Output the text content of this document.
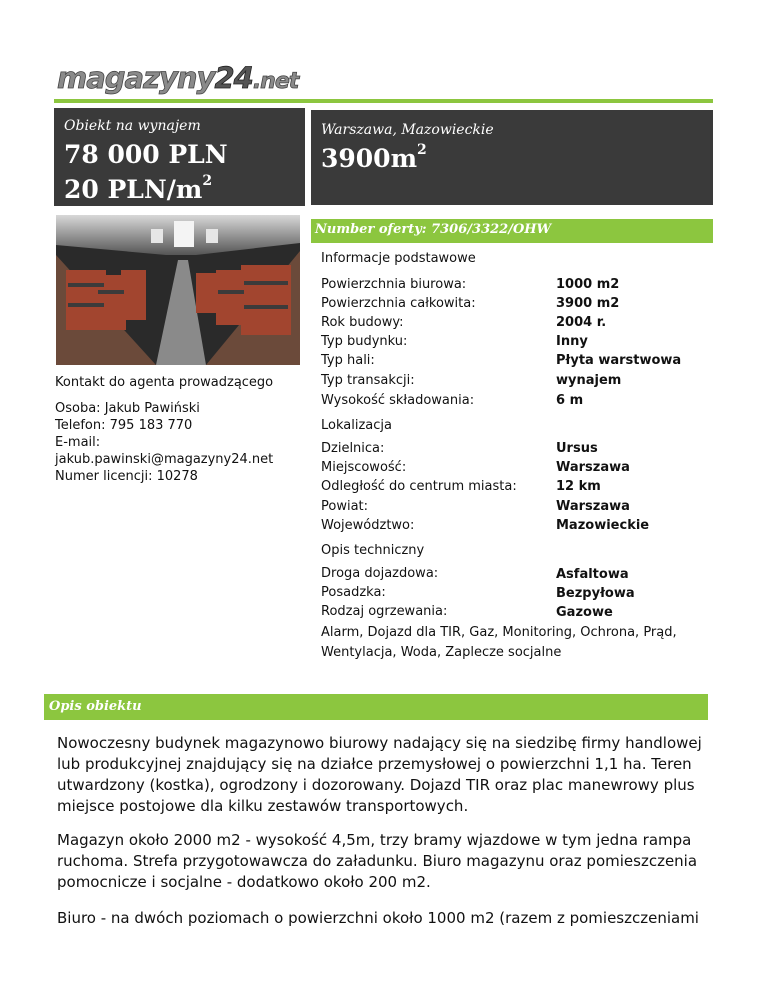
magazyny24.net
Obiekt na wynajem
78 000 PLN
20 PLN/$m^2$
Warszawa, Mazowieckie
$3900m^2$
Number oferty: 7306/3322/OHW
Kontakt do agenta prowadzącego
Osoba: Jakub Pawiński
Telefon: 795 183 770
E-mail:
jakub.pawinski@magazyny24.net
Numer licencji: 10278
Informacje podstawowe
Powierzchnia biurowa:	1000 m2
Powierzchnia całkowita:	3900 m2
Rok budowy:	2004 r.
Typ budynku:	Inny
Typ hali:	Płyta warstwowa
Typ transakcji:	wynajem
Wysokość składowania:	6 m
Lokalizacja
Dzielnica:	Ursus
Miejscowość:	Warszawa
Odległość do centrum miasta:	12 km
Powiat:	Warszawa
Województwo:	Mazowieckie
Opis techniczny
Droga dojazdowa:	Asfaltowa
Posadzka:	Bezpyłowa
Rodzaj ogrzewania:	Gazowe
Alarm, Dojazd dla TIR, Gaz, Monitoring, Ochrona, Prąd, Wentylacja, Woda, Zaplecze socjalne
Opis obiektu
Nowoczesny budynek magazynowo biurowy nadający się na siedzibę firmy handlowej lub produkcyjnej znajdujący się na działce przemysłowej o powierzchni 1,1 ha. Teren utwardzony (kostka), ogrodzony i dozorowany. Dojazd TIR oraz plac manewrowy plus miejsce postojowe dla kilku zestawów transportowych.
Magazyn około 2000 m2 - wysokość 4,5m, trzy bramy wjazdowe w tym jedna rampa ruchoma. Strefa przygotowawcza do załadunku. Biuro magazynu oraz pomieszczenia pomocnicze i socjalne - dodatkowo około 200 m2.
Biuro - na dwóch poziomach o powierzchni około 1000 m2 (razem z pomieszczeniami
